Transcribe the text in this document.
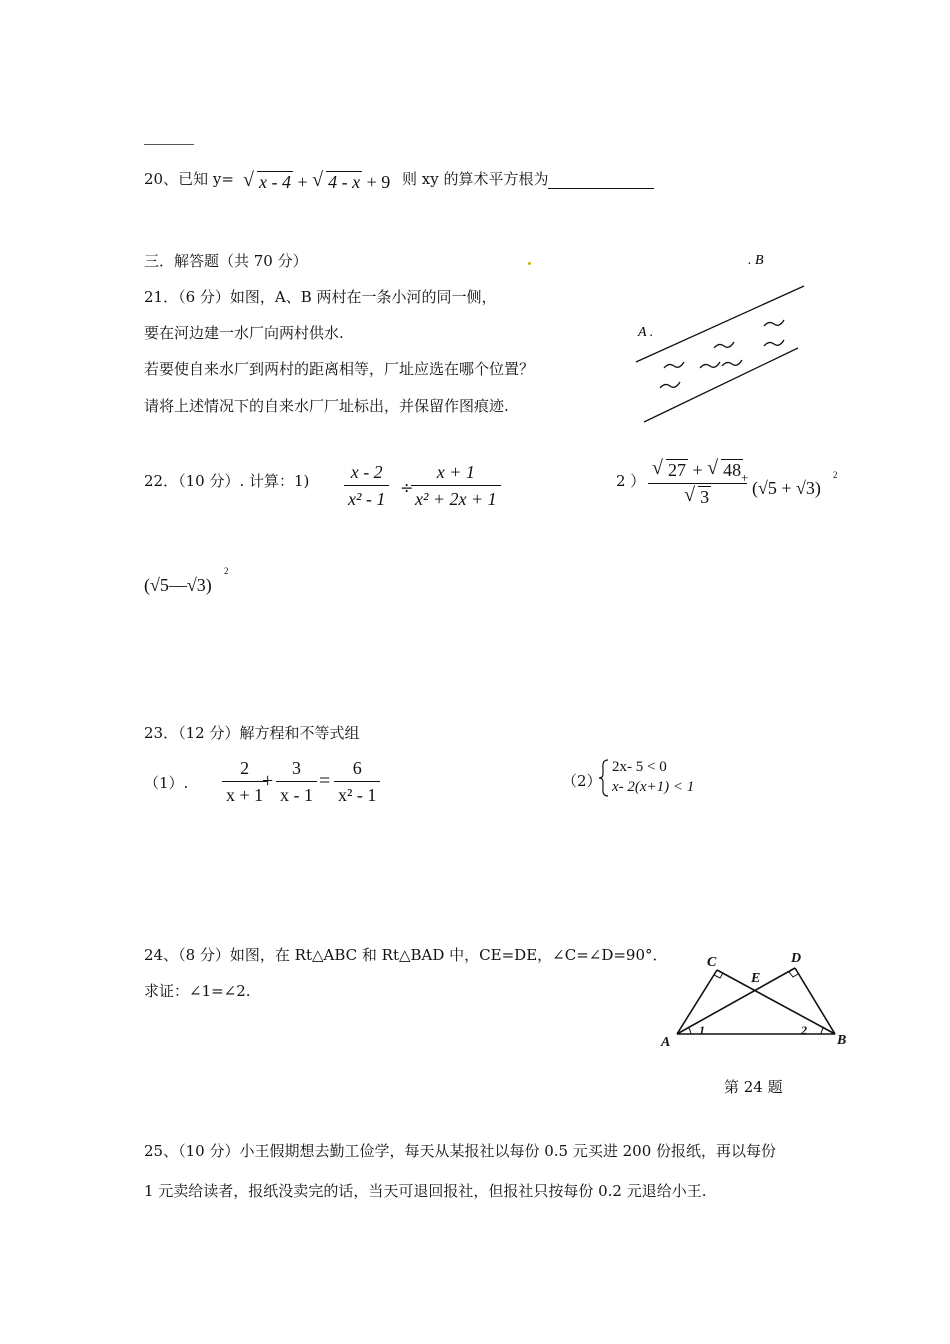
20、已知 y= √ x - 4 + √ 4 - x + 9 则 xy 的算术平方根为
三．解答题（共 70 分）
21．（6 分）如图，A、B 两村在一条小河的同一侧，
要在河边建一水厂向两村供水.
若要使自来水厂到两村的距离相等，厂址应选在哪个位置？
请将上述情况下的自来水厂厂址标出，并保留作图痕迹.
A .
. B
22．（10 分）. 计算：$1) \frac{x - 2}{\text{x² - 1}}$ ÷
$\frac{x + 1}{\text{x² + 2x + 1}}$	2 ） $\frac{√ 27 + √ 48}{√ 3}$
+
(√5 + √3)
2
(√5—√3)
2
23．（12 分）解方程和不等式组
（1）. $\frac{2}{x + 1}$
+ $\frac{3}{x - 1} = \frac{6}{\text{x² - 1}}$	（2）
2x- 5 < 0
x- 2(x+1) < 1
24、（8 分）如图，在 Rt△ABC 和 Rt△BAD 中，CE=DE，∠C=∠D=90°．
求证：∠1=∠2.
C	D
E
A	B
1	2
第 24 题
25、（10 分）小王假期想去勤工俭学，每天从某报社以每份 0.5 元买进 200 份报纸，再以每份
1 元卖给读者，报纸没卖完的话，当天可退回报社，但报社只按每份 0.2 元退给小王.
